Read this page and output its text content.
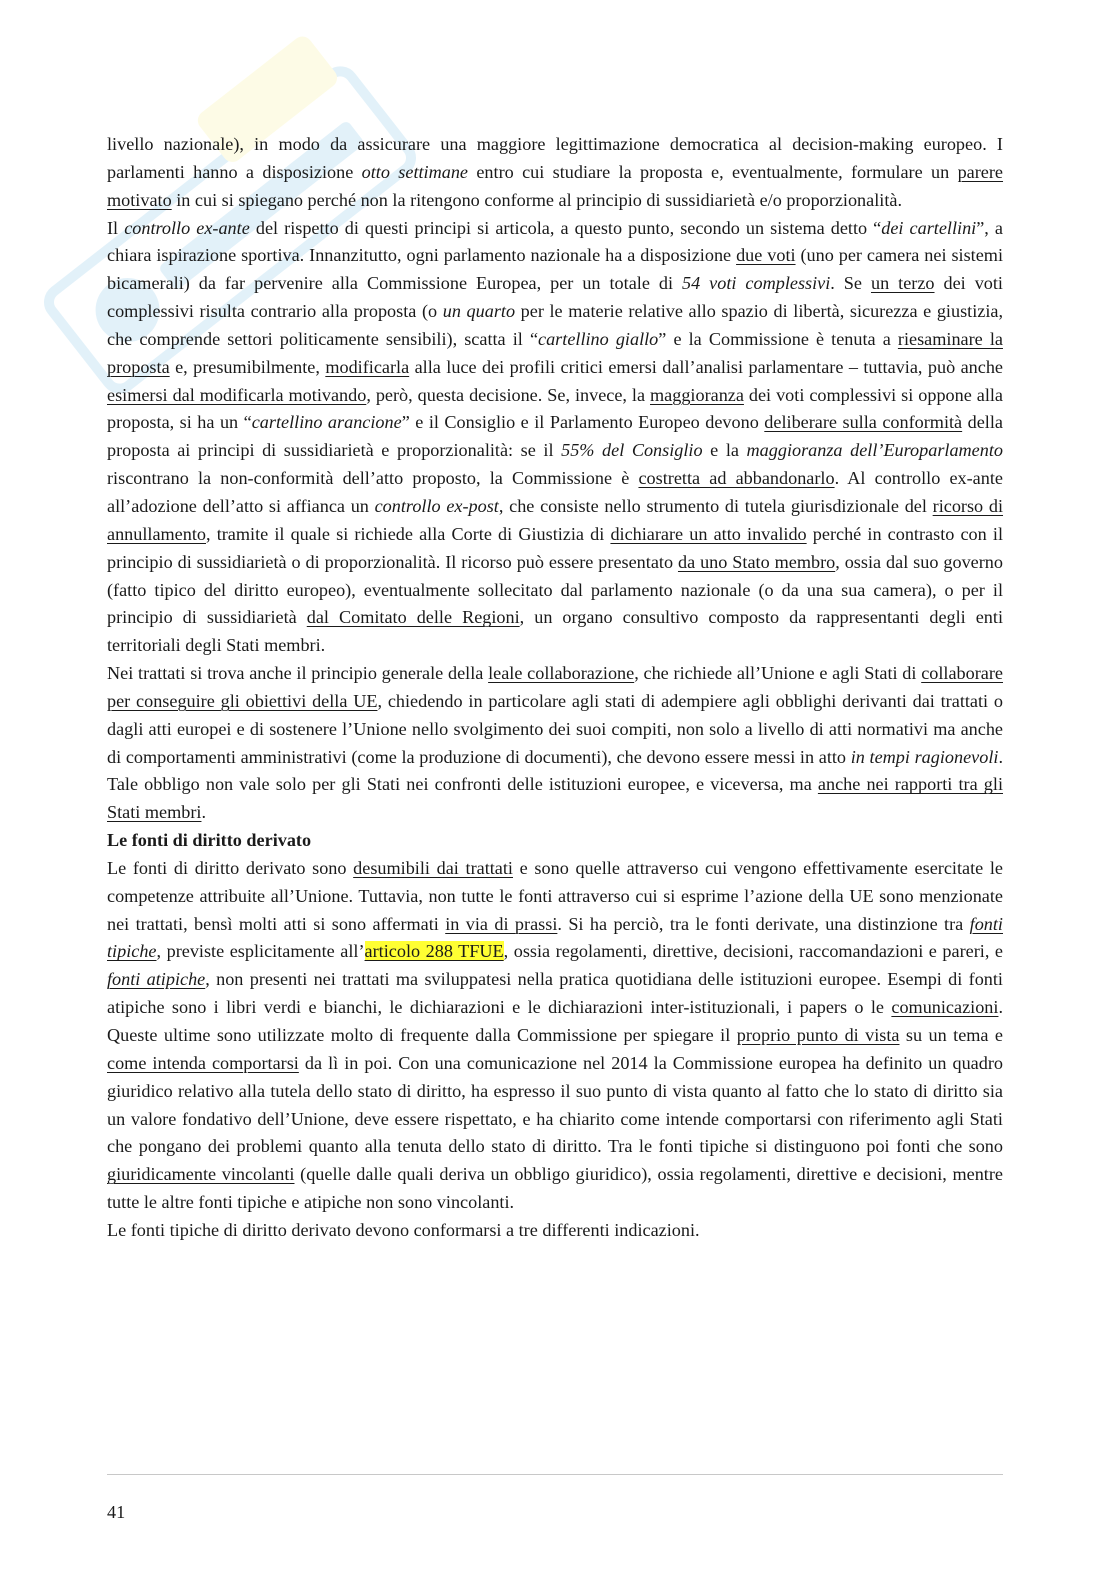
livello nazionale), in modo da assicurare una maggiore legittimazione democratica al decision-making europeo. I parlamenti hanno a disposizione otto settimane entro cui studiare la proposta e, eventualmente, formulare un parere motivato in cui si spiegano perché non la ritengono conforme al principio di sussidiarietà e/o proporzionalità.

Il controllo ex-ante del rispetto di questi principi si articola, a questo punto, secondo un sistema detto “dei cartellini”, a chiara ispirazione sportiva. Innanzitutto, ogni parlamento nazionale ha a disposizione due voti (uno per camera nei sistemi bicamerali) da far pervenire alla Commissione Europea, per un totale di 54 voti complessivi. Se un terzo dei voti complessivi risulta contrario alla proposta (o un quarto per le materie relative allo spazio di libertà, sicurezza e giustizia, che comprende settori politicamente sensibili), scatta il “cartellino giallo” e la Commissione è tenuta a riesaminare la proposta e, presumibilmente, modificarla alla luce dei profili critici emersi dall’analisi parlamentare – tuttavia, può anche esimersi dal modificarla motivando, però, questa decisione. Se, invece, la maggioranza dei voti complessivi si oppone alla proposta, si ha un “cartellino arancione” e il Consiglio e il Parlamento Europeo devono deliberare sulla conformità della proposta ai principi di sussidiarietà e proporzionalità: se il 55% del Consiglio e la maggioranza dell’Europarlamento riscontrano la non-conformità dell’atto proposto, la Commissione è costretta ad abbandonarlo. Al controllo ex-ante all’adozione dell’atto si affianca un controllo ex-post, che consiste nello strumento di tutela giurisdizionale del ricorso di annullamento, tramite il quale si richiede alla Corte di Giustizia di dichiarare un atto invalido perché in contrasto con il principio di sussidiarietà o di proporzionalità. Il ricorso può essere presentato da uno Stato membro, ossia dal suo governo (fatto tipico del diritto europeo), eventualmente sollecitato dal parlamento nazionale (o da una sua camera), o per il principio di sussidiarietà dal Comitato delle Regioni, un organo consultivo composto da rappresentanti degli enti territoriali degli Stati membri.

Nei trattati si trova anche il principio generale della leale collaborazione, che richiede all’Unione e agli Stati di collaborare per conseguire gli obiettivi della UE, chiedendo in particolare agli stati di adempiere agli obblighi derivanti dai trattati o dagli atti europei e di sostenere l’Unione nello svolgimento dei suoi compiti, non solo a livello di atti normativi ma anche di comportamenti amministrativi (come la produzione di documenti), che devono essere messi in atto in tempi ragionevoli. Tale obbligo non vale solo per gli Stati nei confronti delle istituzioni europee, e viceversa, ma anche nei rapporti tra gli Stati membri.

Le fonti di diritto derivato

Le fonti di diritto derivato sono desumibili dai trattati e sono quelle attraverso cui vengono effettivamente esercitate le competenze attribuite all’Unione. Tuttavia, non tutte le fonti attraverso cui si esprime l’azione della UE sono menzionate nei trattati, bensì molti atti si sono affermati in via di prassi. Si ha perciò, tra le fonti derivate, una distinzione tra fonti tipiche, previste esplicitamente all’articolo 288 TFUE, ossia regolamenti, direttive, decisioni, raccomandazioni e pareri, e fonti atipiche, non presenti nei trattati ma sviluppatesi nella pratica quotidiana delle istituzioni europee. Esempi di fonti atipiche sono i libri verdi e bianchi, le dichiarazioni e le dichiarazioni inter-istituzionali, i papers o le comunicazioni. Queste ultime sono utilizzate molto di frequente dalla Commissione per spiegare il proprio punto di vista su un tema e come intenda comportarsi da lì in poi. Con una comunicazione nel 2014 la Commissione europea ha definito un quadro giuridico relativo alla tutela dello stato di diritto, ha espresso il suo punto di vista quanto al fatto che lo stato di diritto sia un valore fondativo dell’Unione, deve essere rispettato, e ha chiarito come intende comportarsi con riferimento agli Stati che pongano dei problemi quanto alla tenuta dello stato di diritto. Tra le fonti tipiche si distinguono poi fonti che sono giuridicamente vincolanti (quelle dalle quali deriva un obbligo giuridico), ossia regolamenti, direttive e decisioni, mentre tutte le altre fonti tipiche e atipiche non sono vincolanti.

Le fonti tipiche di diritto derivato devono conformarsi a tre differenti indicazioni.

41
